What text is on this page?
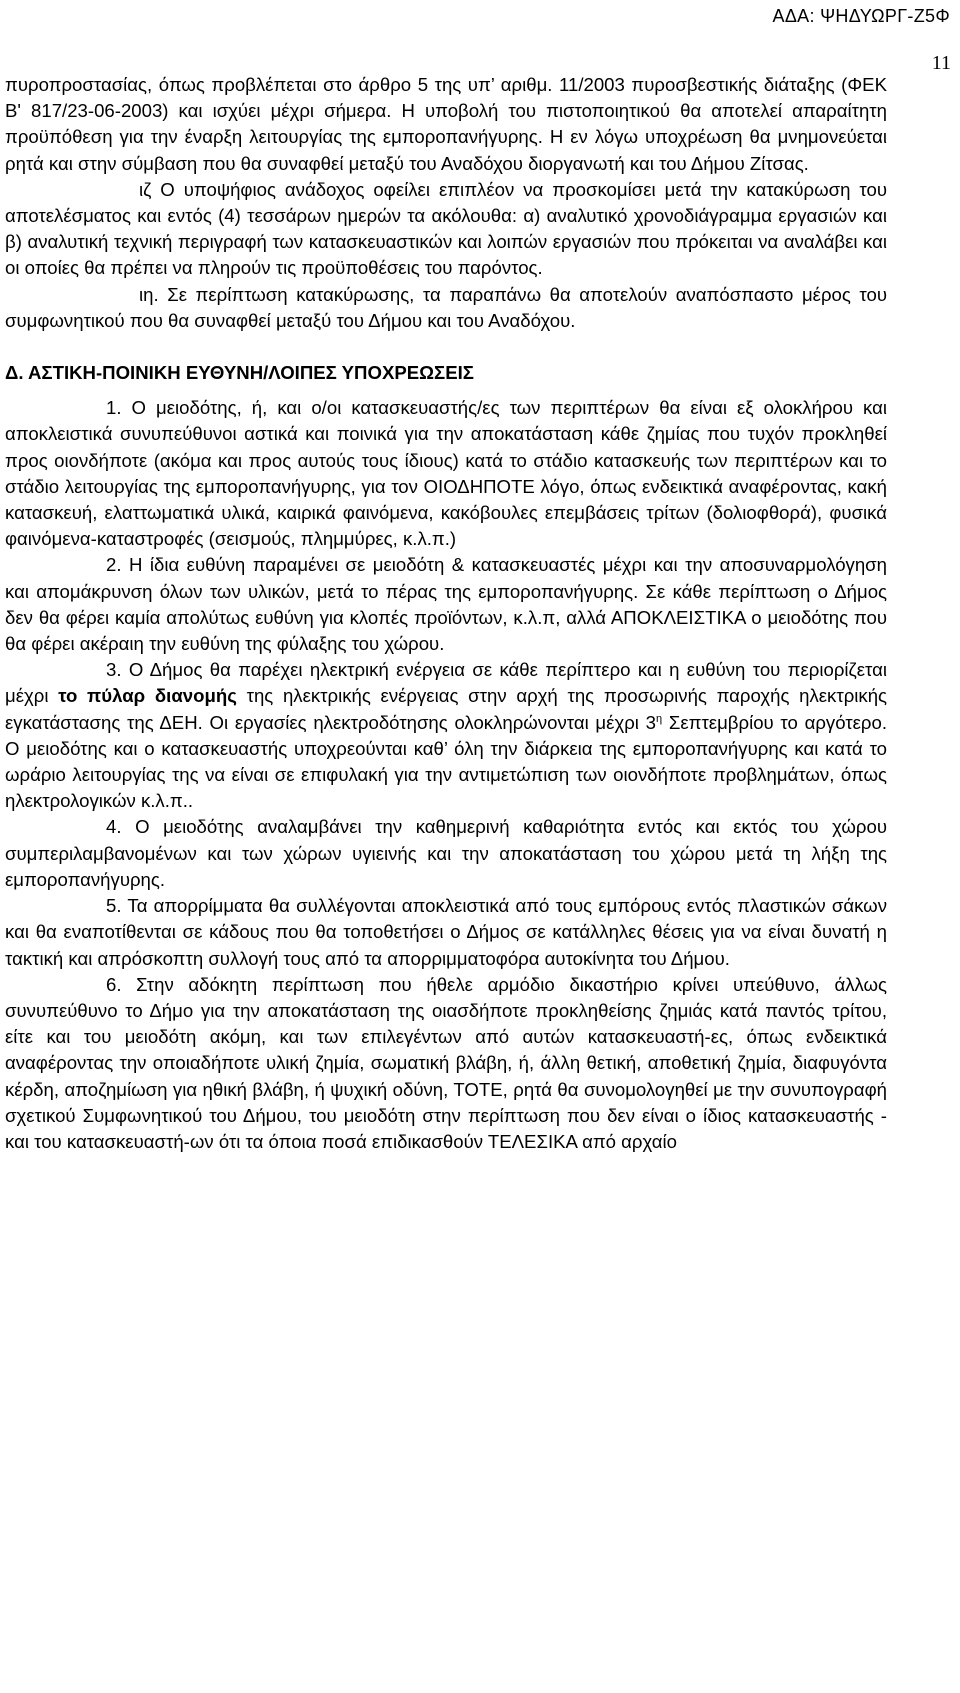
ΑΔΑ: ΨΗΔΥΩΡΓ-Ζ5Φ
11

πυροπροστασίας, όπως προβλέπεται στο άρθρο 5 της υπ’ αριθμ. 11/2003 πυροσβεστικής διάταξης (ΦΕΚ Β' 817/23-06-2003) και ισχύει μέχρι σήμερα. Η υποβολή του πιστοποιητικού θα αποτελεί απαραίτητη προϋπόθεση για την έναρξη λειτουργίας της εμποροπανήγυρης. Η εν λόγω υποχρέωση θα μνημονεύεται ρητά και στην σύμβαση που θα συναφθεί μεταξύ του Αναδόχου διοργανωτή και του Δήμου Ζίτσας.

ιζ Ο υποψήφιος ανάδοχος οφείλει επιπλέον να προσκομίσει μετά την κατακύρωση του αποτελέσματος και εντός (4) τεσσάρων ημερών τα ακόλουθα: α) αναλυτικό χρονοδιάγραμμα εργασιών και β) αναλυτική τεχνική περιγραφή των κατασκευαστικών και λοιπών εργασιών που πρόκειται να αναλάβει και οι οποίες θα πρέπει να πληρούν τις προϋποθέσεις του παρόντος.

ιη. Σε περίπτωση κατακύρωσης, τα παραπάνω θα αποτελούν αναπόσπαστο μέρος του συμφωνητικού που θα συναφθεί μεταξύ του Δήμου και του Αναδόχου.

Δ. ΑΣΤΙΚΗ-ΠΟΙΝΙΚΗ ΕΥΘΥΝΗ/ΛΟΙΠΕΣ ΥΠΟΧΡΕΩΣΕΙΣ

1. Ο μειοδότης, ή, και ο/οι κατασκευαστής/ες των περιπτέρων θα είναι εξ ολοκλήρου και αποκλειστικά συνυπεύθυνοι αστικά και ποινικά για την αποκατάσταση κάθε ζημίας που τυχόν προκληθεί προς οιονδήποτε (ακόμα και προς αυτούς τους ίδιους) κατά το στάδιο κατασκευής των περιπτέρων και το στάδιο λειτουργίας της εμποροπανήγυρης, για τον ΟΙΟΔΗΠΟΤΕ λόγο, όπως ενδεικτικά αναφέροντας, κακή κατασκευή, ελαττωματικά υλικά, καιρικά φαινόμενα, κακόβουλες επεμβάσεις τρίτων (δολιοφθορά), φυσικά φαινόμενα-καταστροφές (σεισμούς, πλημμύρες, κ.λ.π.)

2. Η ίδια ευθύνη παραμένει σε μειοδότη & κατασκευαστές μέχρι και την αποσυναρμολόγηση και απομάκρυνση όλων των υλικών, μετά το πέρας της εμποροπανήγυρης. Σε κάθε περίπτωση ο Δήμος δεν θα φέρει καμία απολύτως ευθύνη για κλοπές προϊόντων, κ.λ.π, αλλά ΑΠΟΚΛΕΙΣΤΙΚΑ ο μειοδότης που θα φέρει ακέραιη την ευθύνη της φύλαξης του χώρου.

3. Ο Δήμος θα παρέχει ηλεκτρική ενέργεια σε κάθε περίπτερο και η ευθύνη του περιορίζεται μέχρι το πύλαρ διανομής της ηλεκτρικής ενέργειας στην αρχή της προσωρινής παροχής ηλεκτρικής εγκατάστασης της ΔΕΗ. Οι εργασίες ηλεκτροδότησης ολοκληρώνονται μέχρι $3^\eta$ Σεπτεμβρίου το αργότερο. Ο μειοδότης και ο κατασκευαστής υποχρεούνται καθ’ όλη την διάρκεια της εμποροπανήγυρης και κατά το ωράριο λειτουργίας της να είναι σε επιφυλακή για την αντιμετώπιση των οιονδήποτε προβλημάτων, όπως ηλεκτρολογικών κ.λ.π..

4. Ο μειοδότης αναλαμβάνει την καθημερινή καθαριότητα εντός και εκτός του χώρου συμπεριλαμβανομένων και των χώρων υγιεινής και την αποκατάσταση του χώρου μετά τη λήξη της εμποροπανήγυρης.

5. Τα απορρίμματα θα συλλέγονται αποκλειστικά από τους εμπόρους εντός πλαστικών σάκων και θα εναποτίθενται σε κάδους που θα τοποθετήσει ο Δήμος σε κατάλληλες θέσεις για να είναι δυνατή η τακτική και απρόσκοπτη συλλογή τους από τα απορριμματοφόρα αυτοκίνητα του Δήμου.

6. Στην αδόκητη περίπτωση που ήθελε αρμόδιο δικαστήριο κρίνει υπεύθυνο, άλλως συνυπεύθυνο το Δήμο για την αποκατάσταση της οιασδήποτε προκληθείσης ζημιάς κατά παντός τρίτου, είτε και του μειοδότη ακόμη, και των επιλεγέντων από αυτών κατασκευαστή-ες, όπως ενδεικτικά αναφέροντας την οποιαδήποτε υλική ζημία, σωματική βλάβη, ή, άλλη θετική, αποθετική ζημία, διαφυγόντα κέρδη, αποζημίωση για ηθική βλάβη, ή ψυχική οδύνη, ΤΟΤΕ, ρητά θα συνομολογηθεί με την συνυπογραφή σχετικού Συμφωνητικού του Δήμου, του μειοδότη στην περίπτωση που δεν είναι ο ίδιος κατασκευαστής - και του κατασκευαστή-ων ότι τα όποια ποσά επιδικασθούν ΤΕΛΕΣΙΚΑ από αρχαίο
